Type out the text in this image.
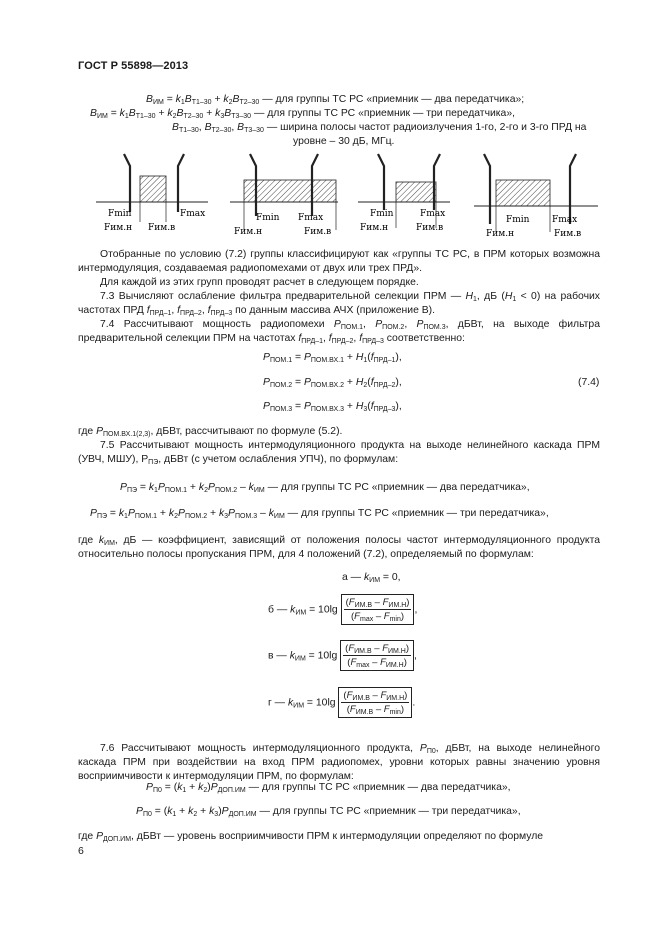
ГОСТ Р 55898—2013
$В_{ИМ} = k_1В_{Т1-30} + k_2В_{Т2-30}$ — для группы ТС РС «приемник — два передатчика»;
$В_{ИМ} = k_1В_{Т1-30} + k_2В_{Т2-30} + k_3В_{Т3-30}$ — для группы ТС РС «приемник — три передатчика»,
$В_{Т1-30}$, $В_{Т2-30}$, $В_{Т3-30}$ — ширина полосы частот радиоизлучения 1-го, 2-го и 3-го ПРД на
уровне – 30 дБ, МГц.
Fmin	Fmax
Fим.н Fим.в
Fmin Fmax
Fим.н	Fим.в
Fmin	Fmax
Fим.н	Fим.в
Fmin	Fmax
Fим.н	Fим.в
Отобранные по условию (7.2) группы классифицируют как «группы ТС РС, в ПРМ которых возможна интермодуляция, создаваемая радиопомехами от двух или трех ПРД».
Для каждой из этих групп проводят расчет в следующем порядке.
7.3 Вычисляют ослабление фильтра предварительной селекции ПРМ — $H_1$, дБ $(H_1 < 0)$ на рабочих частотах ПРД $f_{ПРД-1}$, $f_{ПРД-2}$, $f_{ПРД-3}$ по данным массива АЧХ (приложение В).
7.4 Рассчитывают мощность радиопомехи $Р_{ПОМ.1}$, $Р_{ПОМ.2}$, $Р_{ПОМ.3}$, дБВт, на выходе фильтра предварительной селекции ПРМ на частотах $f_{ПРД-1}$, $f_{ПРД-2}$, $f_{ПРД-3}$ соответственно:
$Р_{ПОМ.1} = Р_{ПОМ.ВХ.1} + Н_1(f_{ПРД-1})$,
$Р_{ПОМ.2} = Р_{ПОМ.ВХ.2} + Н_2(f_{ПРД-2})$,	(7.4)
$Р_{ПОМ.3} = Р_{ПОМ.ВХ.3} + Н_3(f_{ПРД-3})$,
где $Р_{ПОМ.ВХ.1(2,3)}$, дБВт, рассчитывают по формуле (5.2).
7.5 Рассчитывают мощность интермодуляционного продукта на выходе нелинейного каскада ПРМ (УВЧ, МШУ), $Р_{ПЭ}$, дБВт (с учетом ослабления УПЧ), по формулам:
$Р_{ПЭ} = k_1Р_{ПОМ.1} + k_2Р_{ПОМ.2} - k_{ИМ}$ — для группы ТС РС «приемник — два передатчика»,
$Р_{ПЭ} = k_1Р_{ПОМ.1} + k_2Р_{ПОМ.2} + k_3Р_{ПОМ.3} - k_{ИМ}$ — для группы ТС РС «приемник — три передатчика»,
где $k_{ИМ}$, дБ — коэффициент, зависящий от положения полосы частот интермодуляционного продукта относительно полосы пропускания ПРМ, для 4 положений (7.2), определяемый по формулам:
а — $k_{ИМ} = 0$,
б — $k_{ИМ} = 10\lg \frac{(F_{ИМ.В} - F_{ИМ.Н})}{(F_{max} - F_{min})}$ ,
в — $k_{ИМ} = 10\lg \frac{(F_{ИМ.В} - F_{ИМ.Н})}{(F_{max} - F_{ИМ.Н})}$ ,
г — $k_{ИМ} = 10\lg \frac{(F_{ИМ.В} - F_{ИМ.Н})}{(F_{ИМ.В} - F_{min})}$ .
7.6 Рассчитывают мощность интермодуляционного продукта, $Р_{П0}$, дБВт, на выходе нелинейного каскада ПРМ при воздействии на вход ПРМ радиопомех, уровни которых равны значению уровня восприимчивости к интермодуляции ПРМ, по формулам:
$Р_{П0} = (k_1 + k_2)Р_{ДОП.ИМ}$ — для группы ТС РС «приемник — два передатчика»,
$Р_{П0} = (k_1 + k_2 + k_3)Р_{ДОП.ИМ}$ — для группы ТС РС «приемник — три передатчика»,
где $Р_{ДОП.ИМ}$, дБВт — уровень восприимчивости ПРМ к интермодуляции определяют по формуле
6
